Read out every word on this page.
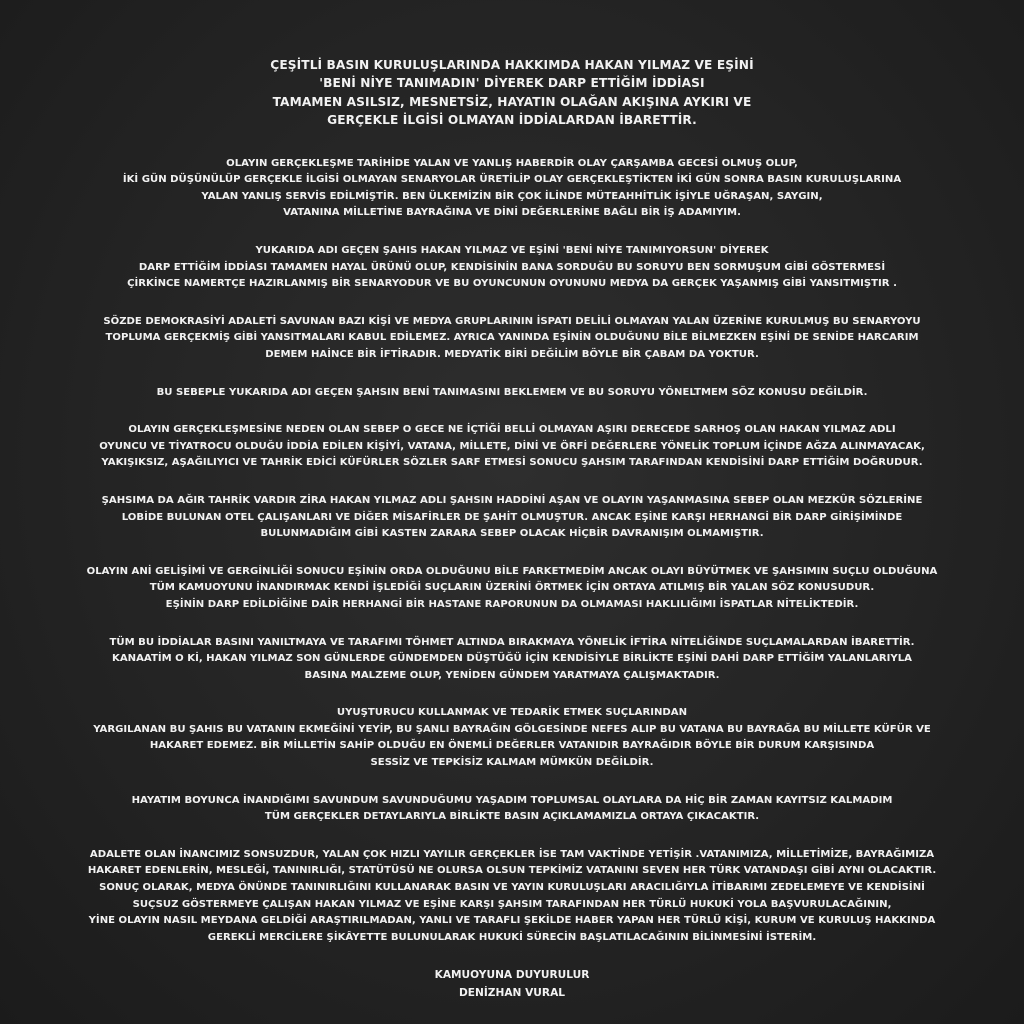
ÇEŞİTLİ BASIN KURULUŞLARINDA HAKKIMDA HAKAN YILMAZ VE EŞİNİ
'BENİ NİYE TANIMADIN' DİYEREK DARP ETTİĞİM İDDİASI
TAMAMEN ASILSIZ, MESNETSİZ, HAYATIN OLAĞAN AKIŞINA AYKIRI VE
GERÇEKLE İLGİSİ OLMAYAN İDDİALARDAN İBARETTİR.
OLAYIN GERÇEKLEŞME TARİHİDE YALAN VE YANLIŞ HABERDİR OLAY ÇARŞAMBA GECESİ OLMUŞ OLUP,
İKİ GÜN DÜŞÜNÜLÜP GERÇEKLE İLGİSİ OLMAYAN SENARYOLAR ÜRETİLİP OLAY GERÇEKLEŞTİKTEN İKİ GÜN SONRA BASIN KURULUŞLARINA
YALAN YANLIŞ SERVİS EDİLMİŞTİR. BEN ÜLKEMİZİN BİR ÇOK İLİNDE MÜTEAHHİTLİK İŞİYLE UĞRAŞAN, SAYGIN,
VATANINA MİLLETİNE BAYRAĞINA VE DİNİ DEĞERLERİNE BAĞLI BİR İŞ ADAMIYIM.
YUKARIDA ADI GEÇEN ŞAHIS HAKAN YILMAZ VE EŞİNİ 'BENİ NİYE TANIMIYORSUN' DİYEREK
DARP ETTİĞİM İDDİASI TAMAMEN HAYAL ÜRÜNÜ OLUP, KENDİSİNİN BANA SORDUĞU BU SORUYU BEN SORMUŞUM GİBİ GÖSTERMESİ
ÇİRKİNCE NAMERTÇE HAZIRLANMIŞ BİR SENARYODUR VE BU OYUNCUNUN OYUNUNU MEDYA DA GERÇEK YAŞANMIŞ GİBİ YANSITMIŞTIR .
SÖZDE DEMOKRASİYİ ADALETİ SAVUNAN BAZI KİŞİ VE MEDYA GRUPLARININ İSPATI DELİLİ OLMAYAN YALAN ÜZERİNE KURULMUŞ BU SENARYOYU
TOPLUMA GERÇEKMİŞ GİBİ YANSITMALARI KABUL EDİLEMEZ. AYRICA YANINDA EŞİNİN OLDUĞUNU BİLE BİLMEZKEN EŞİNİ DE SENİDE HARCARIM
DEMEM HAİNCE BİR İFTİRADIR. MEDYATİK BİRİ DEĞİLİM BÖYLE BİR ÇABAM DA YOKTUR.
BU SEBEPLE YUKARIDA ADI GEÇEN ŞAHSIN BENİ TANIMASINI BEKLEMEM VE BU SORUYU YÖNELTMEM SÖZ KONUSU DEĞİLDİR.
OLAYIN GERÇEKLEŞMESİNE NEDEN OLAN SEBEP O GECE NE İÇTİĞİ BELLİ OLMAYAN AŞIRI DERECEDE SARHOŞ OLAN HAKAN YILMAZ ADLI
OYUNCU VE TİYATROCU OLDUĞU İDDİA EDİLEN KİŞİYİ, VATANA, MİLLETE, DİNİ VE ÖRFİ DEĞERLERE YÖNELİK TOPLUM İÇİNDE AĞZA ALINMAYACAK,
YAKIŞIKSIZ, AŞAĞILIYICI VE TAHRİK EDİCİ KÜFÜRLER SÖZLER SARF ETMESİ SONUCU ŞAHSIM TARAFINDAN KENDİSİNİ DARP ETTİĞİM DOĞRUDUR.
ŞAHSIMA DA AĞIR TAHRİK VARDIR ZİRA HAKAN YILMAZ ADLI ŞAHSIN HADDİNİ AŞAN VE OLAYIN YAŞANMASINA SEBEP OLAN MEZKÛR SÖZLERİNE
LOBİDE BULUNAN OTEL ÇALIŞANLARI VE DİĞER MİSAFİRLER DE ŞAHİT OLMUŞTUR. ANCAK EŞİNE KARŞI HERHANGİ BİR DARP GİRİŞİMİNDE
BULUNMADIĞIM GİBİ KASTEN ZARARA SEBEP OLACAK HİÇBİR DAVRANIŞIM OLMAMIŞTIR.
OLAYIN ANİ GELİŞİMİ VE GERGİNLİĞİ SONUCU EŞİNİN ORDA OLDUĞUNU BİLE FARKETMEDİM ANCAK OLAYI BÜYÜTMEK VE ŞAHSIMIN SUÇLU OLDUĞUNA
TÜM KAMUOYUNU İNANDIRMAK KENDİ İŞLEDİĞİ SUÇLARIN ÜZERİNİ ÖRTMEK İÇİN ORTAYA ATILMIŞ BİR YALAN SÖZ KONUSUDUR.
EŞİNİN DARP EDİLDİĞİNE DAİR HERHANGİ BİR HASTANE RAPORUNUN DA OLMAMASI HAKLILIĞIMI İSPATLAR NİTELİKTEDİR.
TÜM BU İDDİALAR BASINI YANILTMAYA VE TARAFIMI TÖHMET ALTINDA BIRAKMAYA YÖNELİK İFTİRA NİTELİĞİNDE SUÇLAMALARDAN İBARETTİR.
KANAATİM O Kİ, HAKAN YILMAZ SON GÜNLERDE GÜNDEMDEN DÜŞTÜĞÜ İÇİN KENDİSİYLE BİRLİKTE EŞİNİ DAHİ DARP ETTİĞİM YALANLARIYLA
BASINA MALZEME OLUP, YENİDEN GÜNDEM YARATMAYA ÇALIŞMAKTADIR.
UYUŞTURUCU KULLANMAK VE TEDARİK ETMEK SUÇLARINDAN
YARGILANAN BU ŞAHIS BU VATANIN EKMEĞİNİ YEYİP, BU ŞANLI BAYRAĞIN GÖLGESİNDE NEFES ALIP BU VATANA BU BAYRAĞA BU MİLLETE KÜFÜR VE
HAKARET EDEMEZ. BİR MİLLETİN SAHİP OLDUĞU EN ÖNEMLİ DEĞERLER VATANIDIR BAYRAĞIDIR BÖYLE BİR DURUM KARŞISINDA
SESSİZ VE TEPKİSİZ KALMAM MÜMKÜN DEĞİLDİR.
HAYATIM BOYUNCA İNANDIĞIMI SAVUNDUM SAVUNDUĞUMU YAŞADIM TOPLUMSAL OLAYLARA DA HİÇ BİR ZAMAN KAYITSIZ KALMADIM
TÜM GERÇEKLER DETAYLARIYLA BİRLİKTE BASIN AÇIKLAMAMIZLA ORTAYA ÇIKACAKTIR.
ADALETE OLAN İNANCIMIZ SONSUZDUR, YALAN ÇOK HIZLI YAYILIR GERÇEKLER İSE TAM VAKTİNDE YETİŞİR .VATANIMIZA, MİLLETİMİZE, BAYRAĞIMIZA
HAKARET EDENLERİN, MESLEĞİ, TANINIRLIĞI, STATÜTÜSÜ NE OLURSA OLSUN TEPKİMİZ VATANINI SEVEN HER TÜRK VATANDAŞI GİBİ AYNI OLACAKTIR.
SONUÇ OLARAK, MEDYA ÖNÜNDE TANINIRLIĞINI KULLANARAK BASIN VE YAYIN KURULUŞLARI ARACILIĞIYLA İTİBARIMI ZEDELEMEYE VE KENDİSİNİ
SUÇSUZ GÖSTERMEYE ÇALIŞAN HAKAN YILMAZ VE EŞİNE KARŞI ŞAHSIM TARAFINDAN HER TÜRLÜ HUKUKİ YOLA BAŞVURULACAĞININ,
YİNE OLAYIN NASIL MEYDANA GELDİĞİ ARAŞTIRILMADAN, YANLI VE TARAFLI ŞEKİLDE HABER YAPAN HER TÜRLÜ KİŞİ, KURUM VE KURULUŞ HAKKINDA
GEREKLİ MERCİLERE ŞİKÂYETTE BULUNULARAK HUKUKİ SÜRECİN BAŞLATILACAĞININ BİLİNMESİNİ İSTERİM.
KAMUOYUNA DUYURULUR
DENİZHAN VURAL
